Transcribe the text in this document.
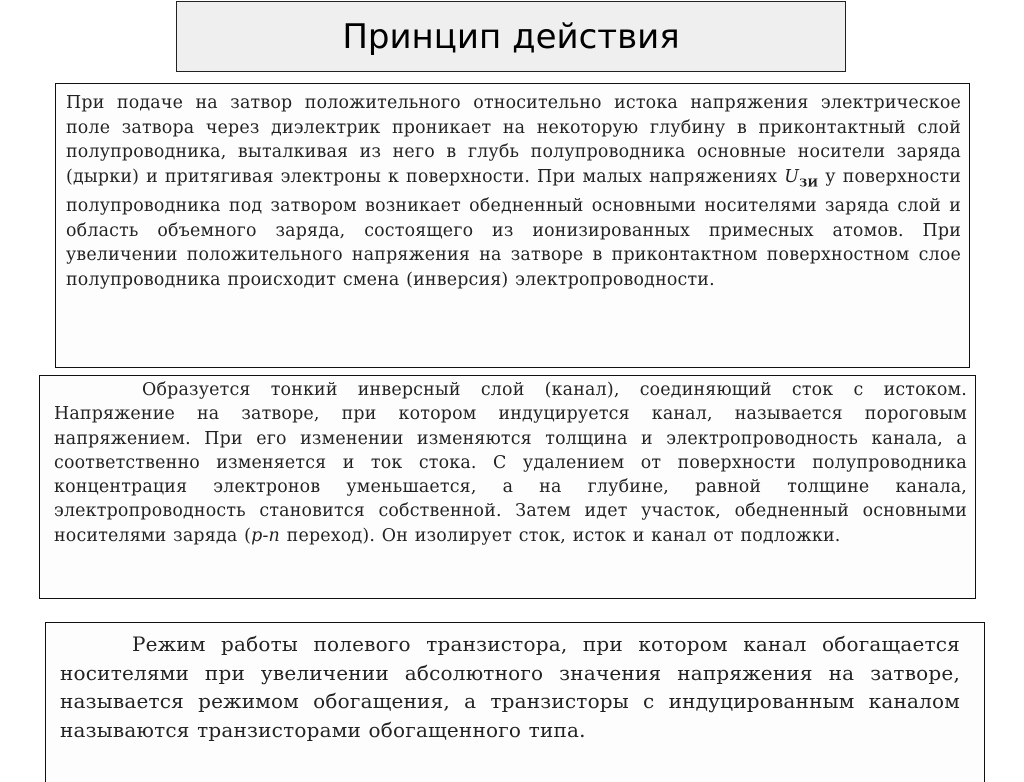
Принцип действия

При подаче на затвор положительного относительно истока напряжения электрическое поле затвора через диэлектрик проникает на некоторую глубину в приконтактный слой полупроводника, выталкивая из него в глубь полупроводника основные носители заряда (дырки) и притягивая электроны к поверхности. При малых напряжениях $U_{ЗИ}$ у поверхности полупроводника под затвором возникает обедненный основными носителями заряда слой и область объемного заряда, состоящего из ионизированных примесных атомов. При увеличении положительного напряжения на затворе в приконтактном поверхностном слое полупроводника происходит смена (инверсия) электропроводности.

Образуется тонкий инверсный слой (канал), соединяющий сток с истоком. Напряжение на затворе, при котором индуцируется канал, называется пороговым напряжением. При его изменении изменяются толщина и электропроводность канала, а соответственно изменяется и ток стока. С удалением от поверхности полупроводника концентрация электронов уменьшается, а на глубине, равной толщине канала, электропроводность становится собственной. Затем идет участок, обедненный основными носителями заряда (p-n переход). Он изолирует сток, исток и канал от подложки.

Режим работы полевого транзистора, при котором канал обогащается носителями при увеличении абсолютного значения напряжения на затворе, называется режимом обогащения, а транзисторы с индуцированным каналом называются транзисторами обогащенного типа.
